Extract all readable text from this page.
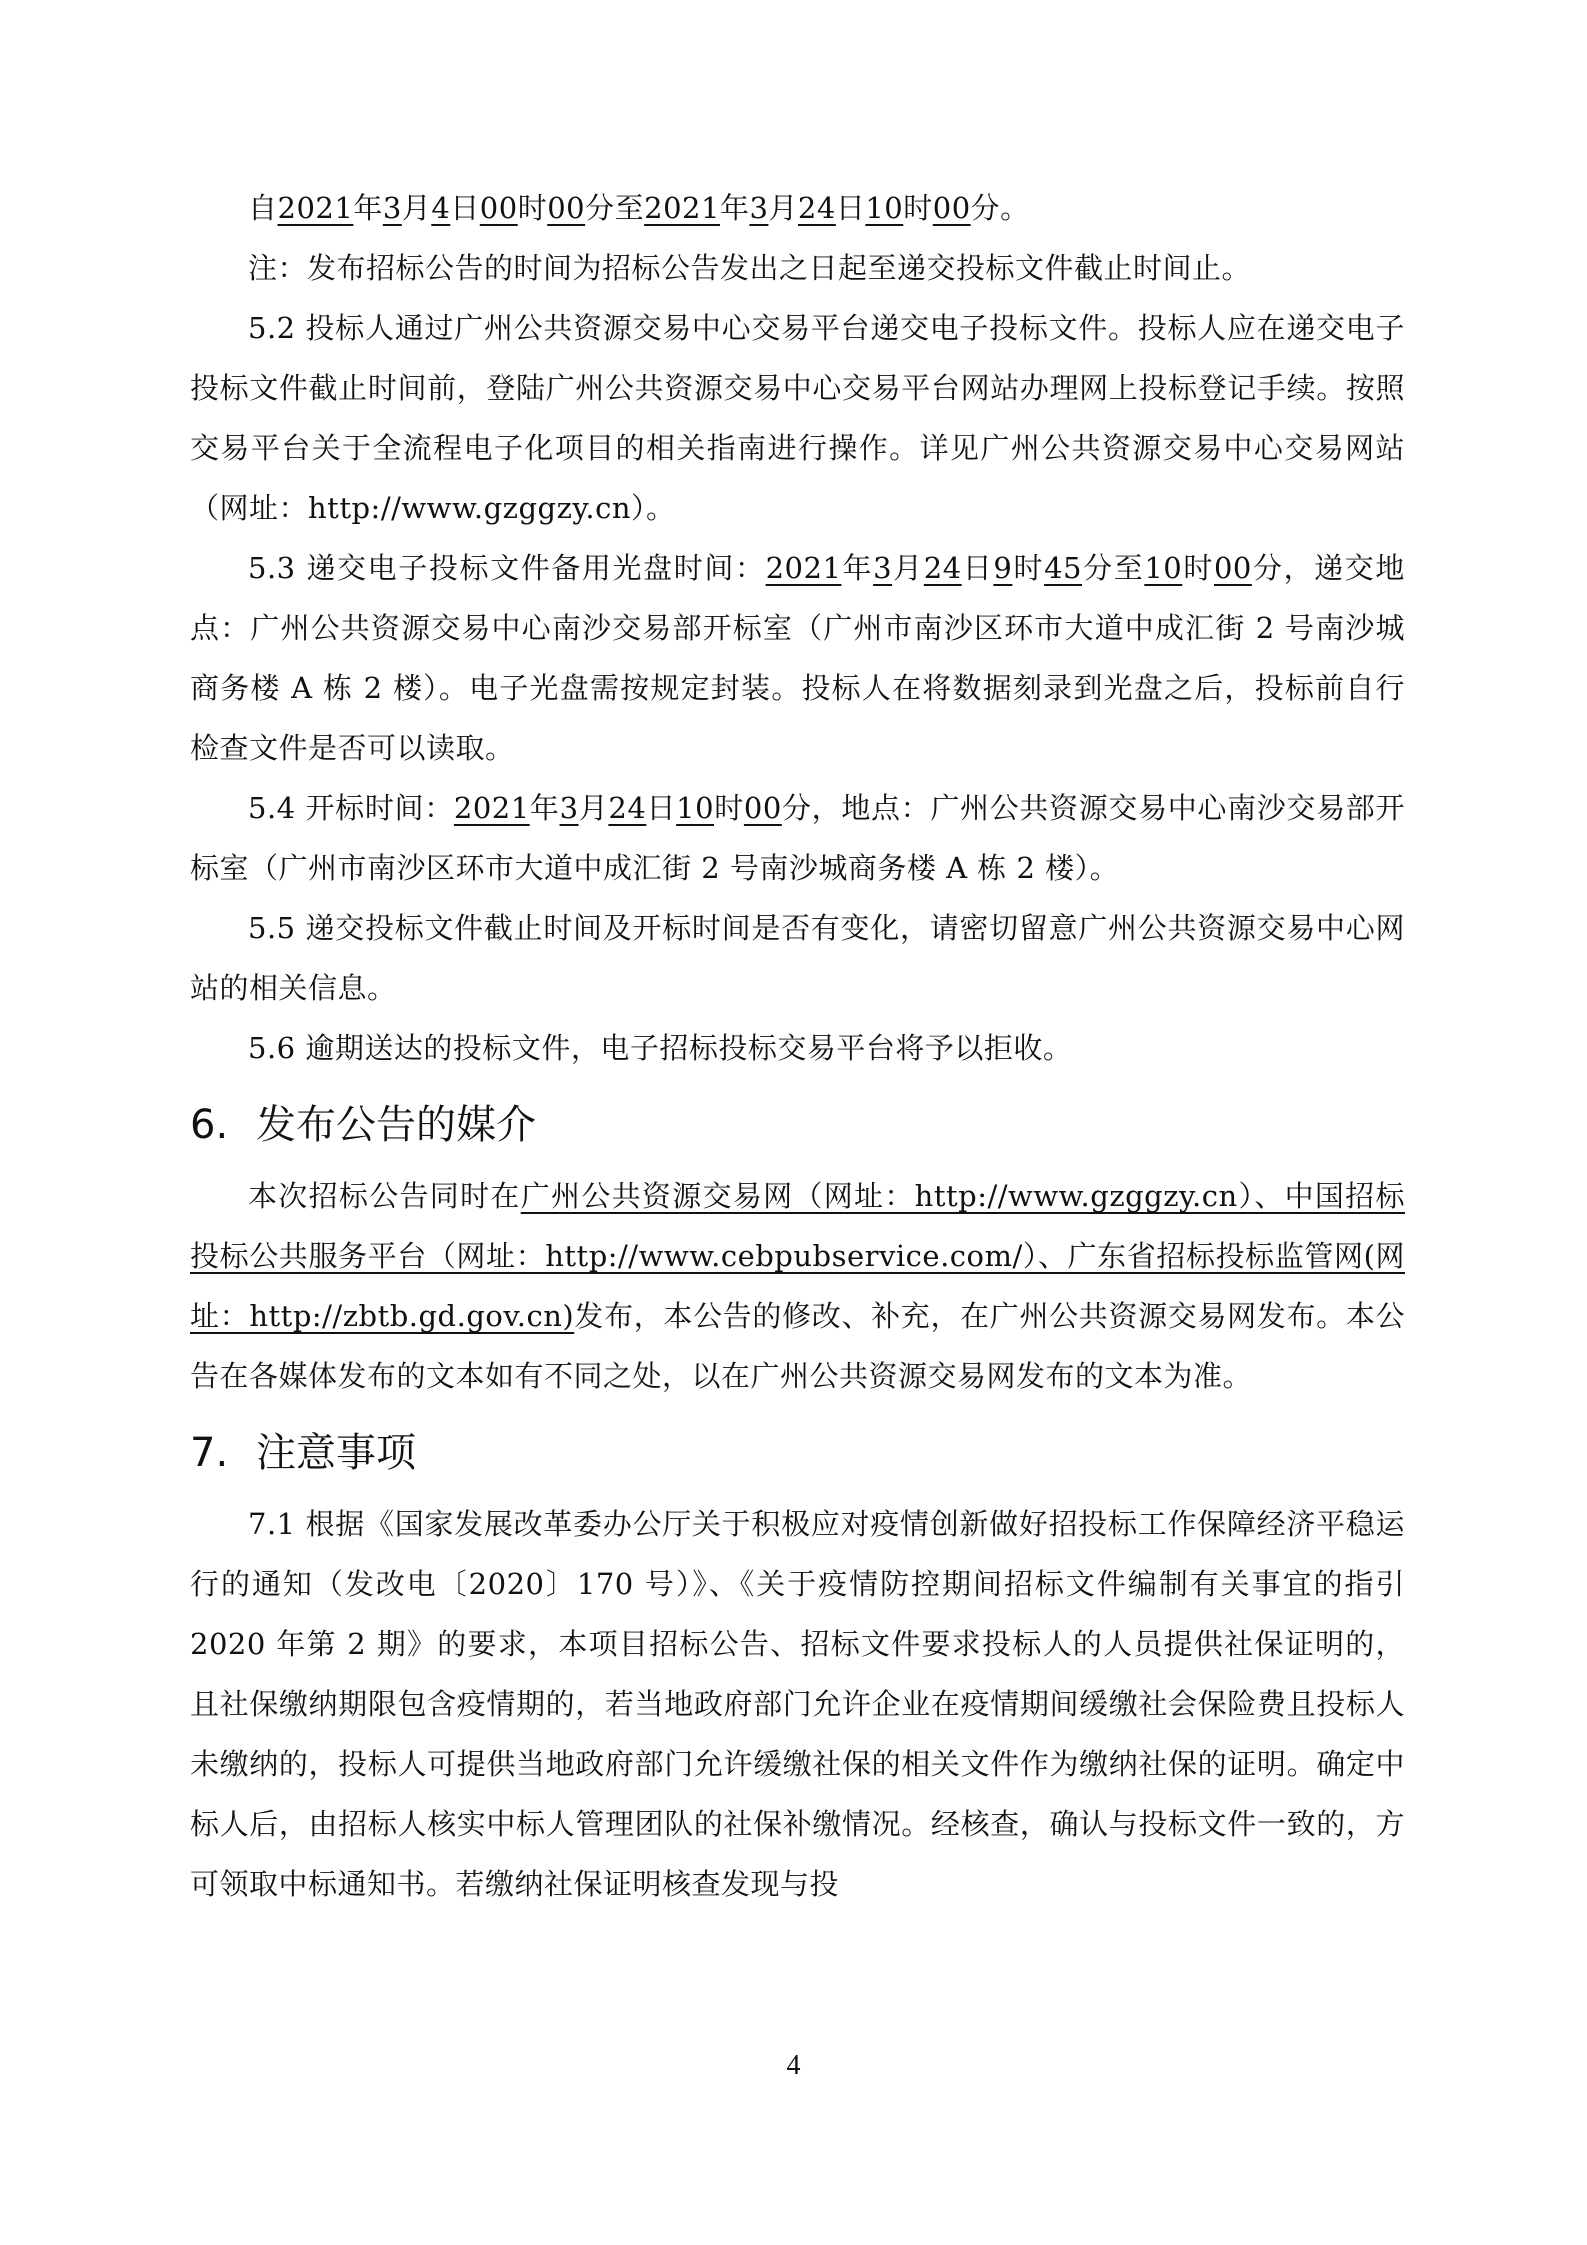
自2021年3月4日00时00分至2021年3月24日10时00分。

注：发布招标公告的时间为招标公告发出之日起至递交投标文件截止时间止。

5.2 投标人通过广州公共资源交易中心交易平台递交电子投标文件。投标人应在递交电子投标文件截止时间前，登陆广州公共资源交易中心交易平台网站办理网上投标登记手续。按照交易平台关于全流程电子化项目的相关指南进行操作。详见广州公共资源交易中心交易网站（网址：http://www.gzggzy.cn）。

5.3 递交电子投标文件备用光盘时间：2021年3月24日9时45分至10时00分，递交地点：广州公共资源交易中心南沙交易部开标室（广州市南沙区环市大道中成汇街 2 号南沙城商务楼 A 栋 2 楼）。电子光盘需按规定封装。投标人在将数据刻录到光盘之后，投标前自行检查文件是否可以读取。

5.4 开标时间：2021年3月24日10时00分，地点：广州公共资源交易中心南沙交易部开标室（广州市南沙区环市大道中成汇街 2 号南沙城商务楼 A 栋 2 楼）。

5.5 递交投标文件截止时间及开标时间是否有变化，请密切留意广州公共资源交易中心网站的相关信息。

5.6 逾期送达的投标文件，电子招标投标交易平台将予以拒收。

6. 发布公告的媒介

本次招标公告同时在广州公共资源交易网（网址：http://www.gzggzy.cn）、中国招标投标公共服务平台（网址：http://www.cebpubservice.com/）、广东省招标投标监管网(网址：http://zbtb.gd.gov.cn)发布，本公告的修改、补充，在广州公共资源交易网发布。本公告在各媒体发布的文本如有不同之处，以在广州公共资源交易网发布的文本为准。

7. 注意事项

7.1 根据《国家发展改革委办公厅关于积极应对疫情创新做好招投标工作保障经济平稳运行的通知（发改电〔2020〕170 号）》、《关于疫情防控期间招标文件编制有关事宜的指引 2020 年第 2 期》的要求，本项目招标公告、招标文件要求投标人的人员提供社保证明的，且社保缴纳期限包含疫情期的，若当地政府部门允许企业在疫情期间缓缴社会保险费且投标人未缴纳的，投标人可提供当地政府部门允许缓缴社保的相关文件作为缴纳社保的证明。确定中标人后，由招标人核实中标人管理团队的社保补缴情况。经核查，确认与投标文件一致的，方可领取中标通知书。若缴纳社保证明核查发现与投

4
